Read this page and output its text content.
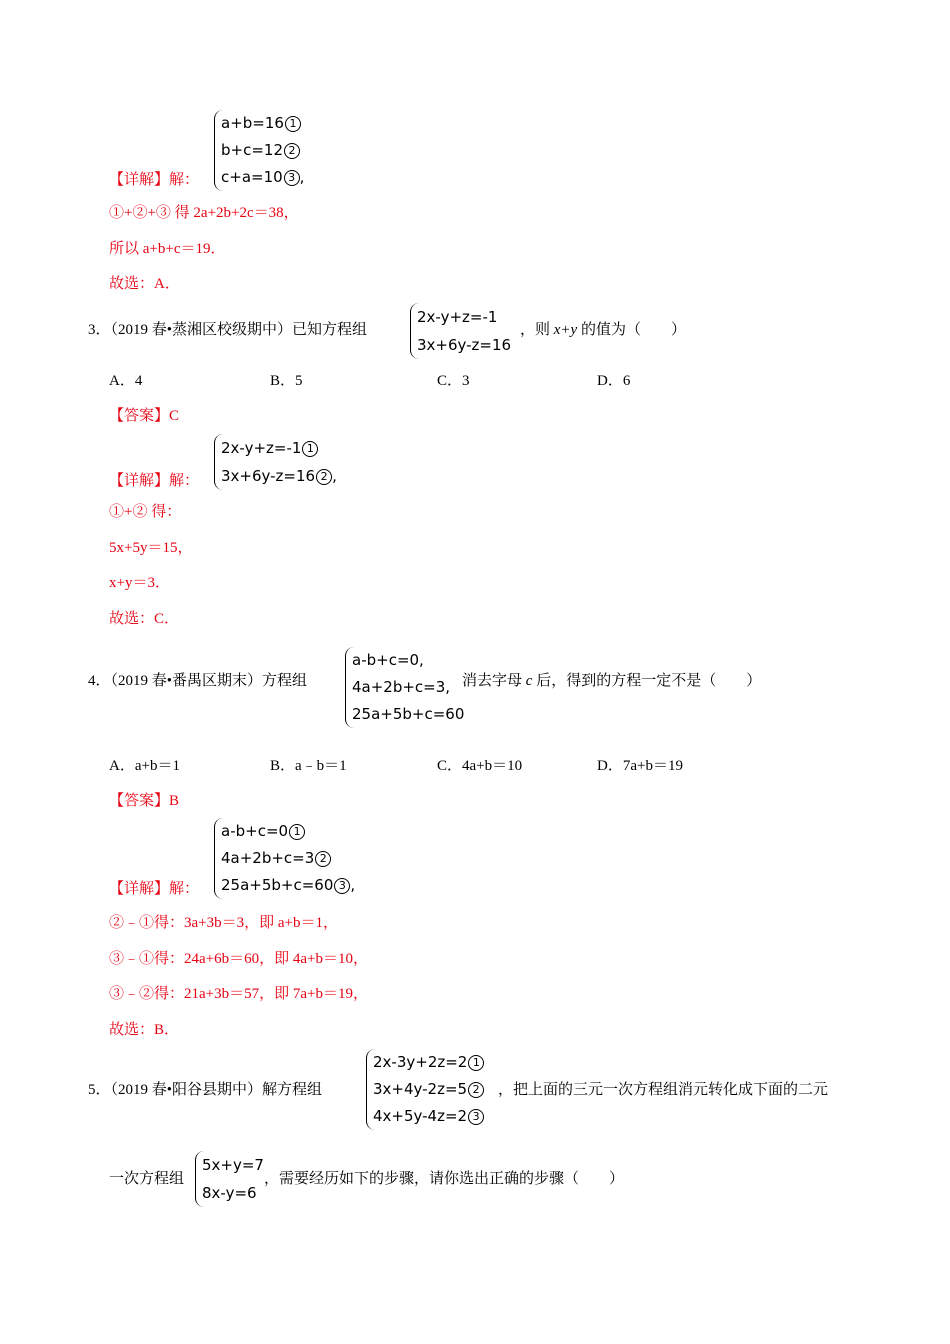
a+b=16 1
b+c=12 2
c+a=10 3 ,
【详解】解：
①+②+③ 得 2a+2b+2c＝38，
所以 a+b+c＝19．
故选：A．
3．（2019 春•蒸湘区校级期中）已知方程组
2x-y+z=-1
3x+6y-z=16
，则 x+y 的值为（　　）
A．4	B．5	C．3	D．6
【答案】C
2x-y+z=-1 1
3x+6y-z=16 2 ,
【详解】解：
①+② 得：
5x+5y＝15，
x+y＝3．
故选：C．
4．（2019 春•番禺区期末）方程组
a-b+c=0,
4a+2b+c=3,
25a+5b+c=60
消去字母 c 后，得到的方程一定不是（　　）
A．a+b＝1	B．a﹣b＝1	C．4a+b＝10	D．7a+b＝19
【答案】B
a-b+c=0 1
4a+2b+c=3 2
25a+5b+c=60 3 ,
【详解】解：
②﹣①得：3a+3b＝3，即 a+b＝1，
③﹣①得：24a+6b＝60，即 4a+b＝10，
③﹣②得：21a+3b＝57，即 7a+b＝19，
故选：B．
5．（2019 春•阳谷县期中）解方程组
2x-3y+2z=2 1
3x+4y-2z=5 2
4x+5y-4z=2 3
，把上面的三元一次方程组消元转化成下面的二元
一次方程组
5x+y=7
8x-y=6
，需要经历如下的步骤，请你选出正确的步骤（　　）
